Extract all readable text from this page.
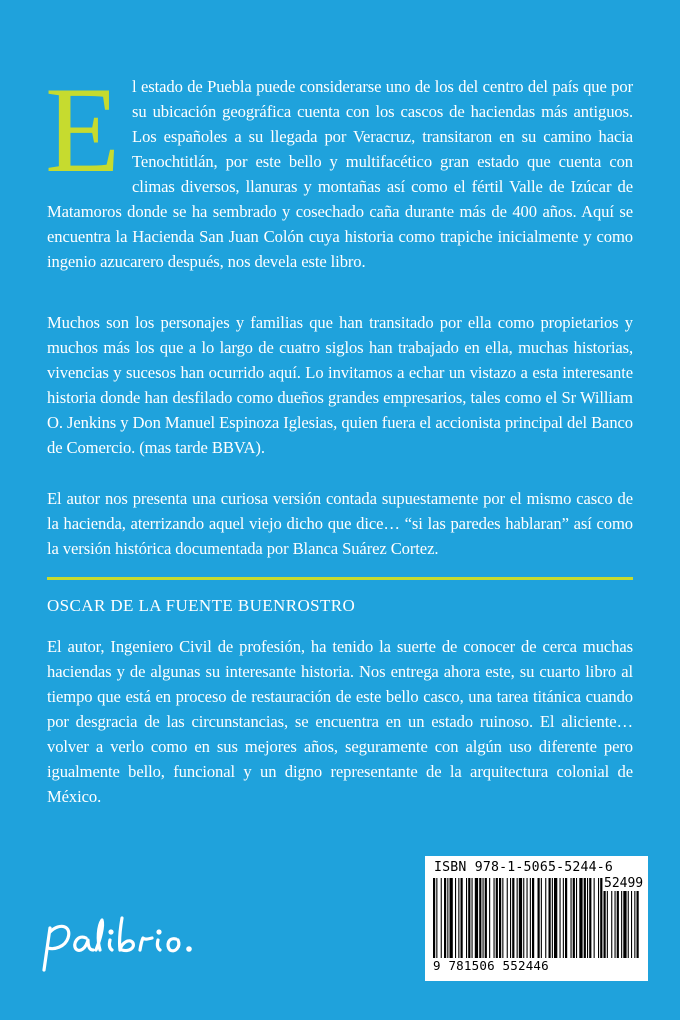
El estado de Puebla puede considerarse uno de los del centro del país que por su ubicación geográfica cuenta con los cascos de haciendas más antiguos. Los españoles a su llegada por Veracruz, transitaron en su camino hacia Tenochtitlán, por este bello y multifacético gran estado que cuenta con climas diversos, llanuras y montañas así como el fértil Valle de Izúcar de Matamoros donde se ha sembrado y cosechado caña durante más de 400 años. Aquí se encuentra la Hacienda San Juan Colón cuya historia como trapiche inicialmente y como ingenio azucarero después, nos devela este libro.

Muchos son los personajes y familias que han transitado por ella como propietarios y muchos más los que a lo largo de cuatro siglos han trabajado en ella, muchas historias, vivencias y sucesos han ocurrido aquí. Lo invitamos a echar un vistazo a esta interesante historia donde han desfilado como dueños grandes empresarios, tales como el Sr William O. Jenkins y Don Manuel Espinoza Iglesias, quien fuera el accionista principal del Banco de Comercio. (mas tarde BBVA).

El autor nos presenta una curiosa versión contada supuestamente por el mismo casco de la hacienda, aterrizando aquel viejo dicho que dice… “si las paredes hablaran” así como la versión histórica documentada por Blanca Suárez Cortez.

OSCAR DE LA FUENTE BUENROSTRO

El autor, Ingeniero Civil de profesión, ha tenido la suerte de conocer de cerca muchas haciendas y de algunas su interesante historia. Nos entrega ahora este, su cuarto libro al tiempo que está en proceso de restauración de este bello casco, una tarea titánica cuando por desgracia de las circunstancias, se encuentra en un estado ruinoso. El aliciente…volver a verlo como en sus mejores años, seguramente con algún uso diferente pero igualmente bello, funcional y un digno representante de la arquitectura colonial de México.

palibrio.

ISBN 978-1-5065-5244-6

52499

9 781506 552446
